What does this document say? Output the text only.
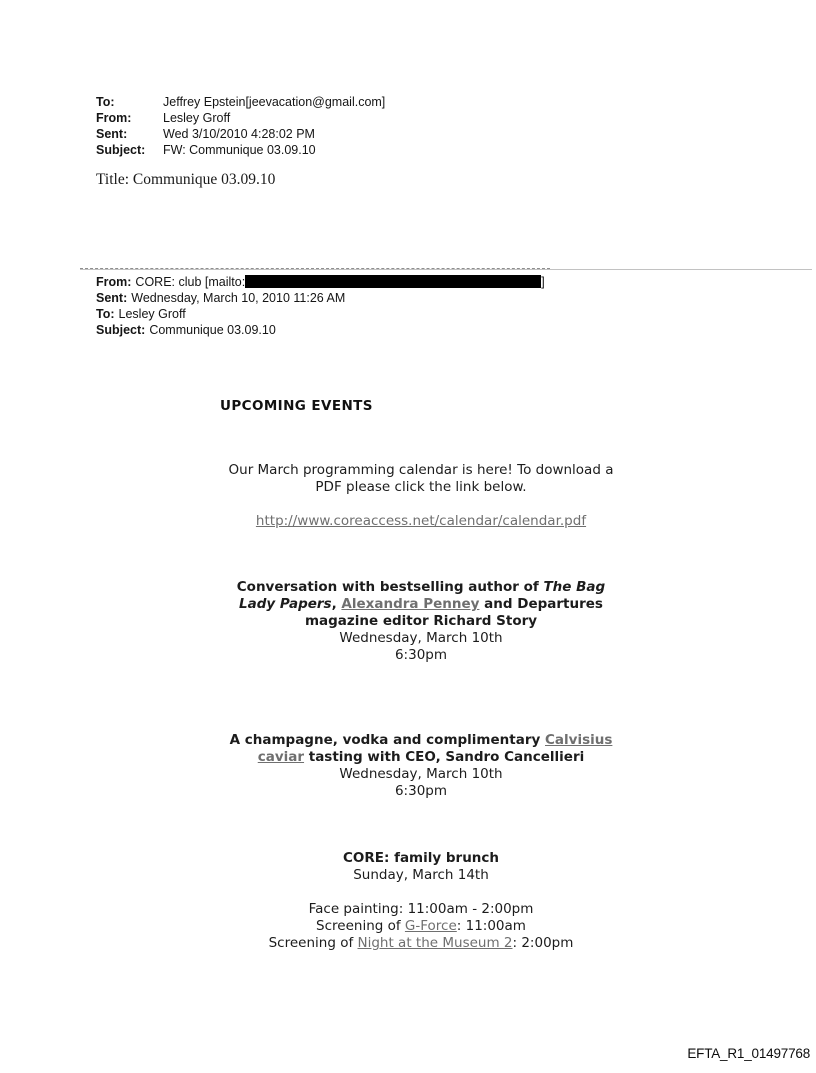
To:	Jeffrey Epstein[jeevacation@gmail.com]
From:	Lesley Groff
Sent:	Wed 3/10/2010 4:28:02 PM
Subject:	FW: Communique 03.09.10
Title: Communique 03.09.10
From: CORE: club [mailto:	]
Sent: Wednesday, March 10, 2010 11:26 AM
To: Lesley Groff
Subject: Communique 03.09.10
UPCOMING EVENTS
Our March programming calendar is here! To download a
PDF please click the link below.
http://www.coreaccess.net/calendar/calendar.pdf
Conversation with bestselling author of The Bag
Lady Papers, Alexandra Penney and Departures
magazine editor Richard Story
Wednesday, March 10th
6:30pm
A champagne, vodka and complimentary Calvisius
caviar tasting with CEO, Sandro Cancellieri
Wednesday, March 10th
6:30pm
CORE: family brunch
Sunday, March 14th
Face painting: 11:00am - 2:00pm
Screening of G-Force: 11:00am
Screening of Night at the Museum 2: 2:00pm
EFTA_R1_01497768
